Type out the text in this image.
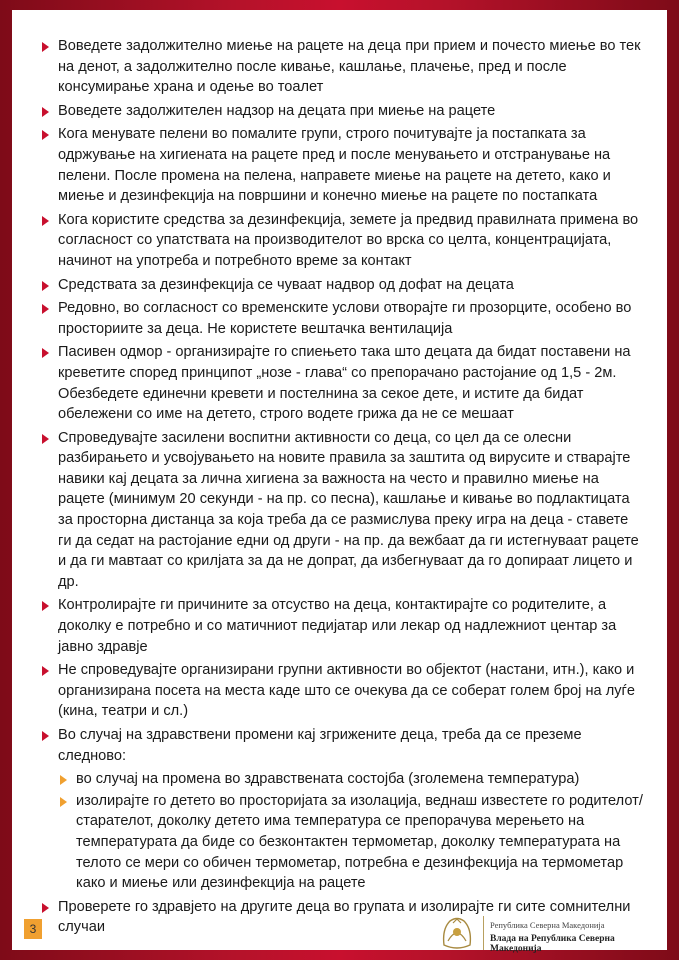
Воведете задолжително миење на рацете на деца при прием и почесто миење во тек на денот, а задолжително после кивање, кашлање, плачење, пред и после консумирање храна и одење во тоалет
Воведете задолжителен надзор на децата при миење на рацете
Кога менувате пелени во помалите групи, строго почитувајте ја постапката за одржување на хигиената на рацете пред и после менувањето и отстранување на пелени. После промена на пелена, направете миење на рацете на детето, како и миење и дезинфекција на површини и конечно миење на рацете по постапката
Кога користите средства за дезинфекција, земете ја предвид правилната примена во согласност со упатствата на производителот во врска со целта, концентрацијата, начинот на употреба и потребното време за контакт
Средствата за дезинфекција се чуваат надвор од дофат на децата
Редовно, во согласност со временските услови отворајте ги прозорците, особено во просториите за деца. Не користете вештачка вентилација
Пасивен одмор - организирајте го спиењето така што децата да бидат поставени на креветите според принципот „нозе - глава“ со препорачано растојание од 1,5 - 2м. Обезбедете единечни кревети и постелнина за секое дете, и истите да бидат обележени со име на детето, строго водете грижа да не се мешаат
Спроведувајте засилени воспитни активности со деца, со цел да се олесни разбирањето и усвојувањето на новите правила за заштита од вирусите и стварајте навики кај децата за лична хигиена за важноста на често и правилно миење на рацете (минимум 20 секунди - на пр. со песна), кашлање и кивање во подлактицата за просторна дистанца за која треба да се размислува преку игра на деца - ставете ги да седат на растојание едни од други - на пр. да вежбаат да ги истегнуваат рацете и да ги мавтаат со крилјата за да не допрат, да избегнуваат да го допираат лицето и др.
Контролирајте ги причините за отсуство на деца, контактирајте со родителите, а доколку е потребно и со матичниот педијатар или лекар од надлежниот центар за јавно здравје
Не спроведувајте организирани групни активности во објектот (настани, итн.), како и организирана посета на места каде што се очекува да се соберат голем број на луѓе (кина, театри и сл.)
Во случај на здравствени промени кај згрижените деца, треба да се преземе следново:
во случај на промена во здравствената состојба (зголемена температура)
изолирајте го детето во просторијата за изолација, веднаш известете го родителот/старателот, доколку детето има температура се препорачува мерењето на температурата да биде со безконтактен термометар, доколку температурата на телото се мери со обичен термометар, потребна е дезинфекција на термометар како и миење или дезинфекција на рацете
Проверете го здравјето на другите деца во групата и изолирајте ги сите сомнителни случаи
3	Република Северна Македонија
Влада на Република Северна Македонија
